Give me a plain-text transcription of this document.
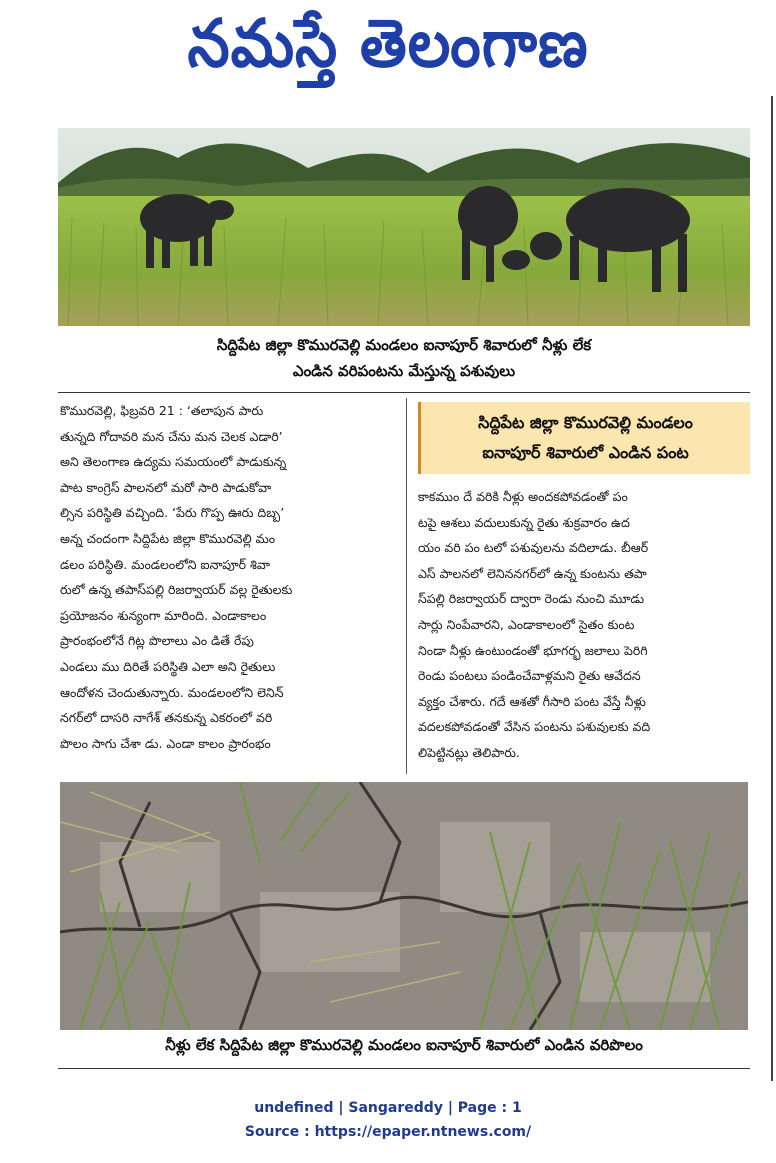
నమస్తే తెలంగాణ
సిద్దిపేట జిల్లా కొమురవెల్లి మండలం ఐనాపూర్ శివారులో నీళ్లు లేక
ఎండిన వరిపంటను మేస్తున్న పశువులు
కొమురవెల్లి, ఫిబ్రవరి 21 : ‘తలాపున పారు
తున్నది గోదావరి మన చేను మన చెలక ఎడారి’
అని తెలంగాణ ఉద్యమ సమయంలో పాడుకున్న
పాట కాంగ్రెస్ పాలనలో మరో సారి పాడుకోవా
ల్సిన పరిస్థితి వచ్చింది. ‘పేరు గొప్ప ఊరు దిబ్బ’
అన్న చందంగా సిద్దిపేట జిల్లా కొమురవెల్లి మం
డలం పరిస్థితి. మండలంలోని ఐనాపూర్ శివా
రులో ఉన్న తపాస్‌పల్లి రిజర్వాయర్ వల్ల రైతులకు
ప్రయోజనం శున్యంగా మారింది. ఎండాకాలం
ప్రారంభంలోనే గిట్ల పొలాలు ఎం డితే రేపు
ఎండలు ము దిరితే పరిస్థితి ఎలా అని రైతులు
ఆందోళన చెందుతున్నారు. మండలంలోని లెనిన్
నగర్‌లో దాసరి నాగేశ్ తనకున్న ఎకరంలో వరి
పొలం సాగు చేశా డు. ఎండా కాలం ప్రారంభం
సిద్దిపేట జిల్లా కొమురవెల్లి మండలం
ఐనాపూర్ శివారులో ఎండిన పంట
కాకముం దే వరికి నీళ్లు అందకపోవడంతో పం
టపై ఆశలు వదులుకున్న రైతు శుక్రవారం ఉద
యం వరి పం టలో పశువులను వదిలాడు. బీఆర్
ఎస్ పాలనలో లెనిననగర్‌లో ఉన్న కుంటను తపా
స్‌పల్లి రిజర్వాయర్ ద్వారా రెండు నుంచి మూడు
సార్లు నింపేవారని, ఎండాకాలంలో సైతం కుంట
నిండా నీళ్లు ఉంటుండంతో భూగర్భ జలాలు పెరిగి
రెండు పంటలు పండించేవాళ్లమని రైతు ఆవేదన
వ్యక్తం చేశారు. గదే ఆశతో గీసారి పంట వేస్తే నీళ్లు
వదలకపోవడంతో వేసిన పంటను పశువులకు వది
లిపెట్టినట్లు తెలిపారు.
నీళ్లు లేక సిద్దిపేట జిల్లా కొమురవెల్లి మండలం ఐనాపూర్ శివారులో ఎండిన వరిపొలం
undefined | Sangareddy | Page : 1
Source : https://epaper.ntnews.com/
